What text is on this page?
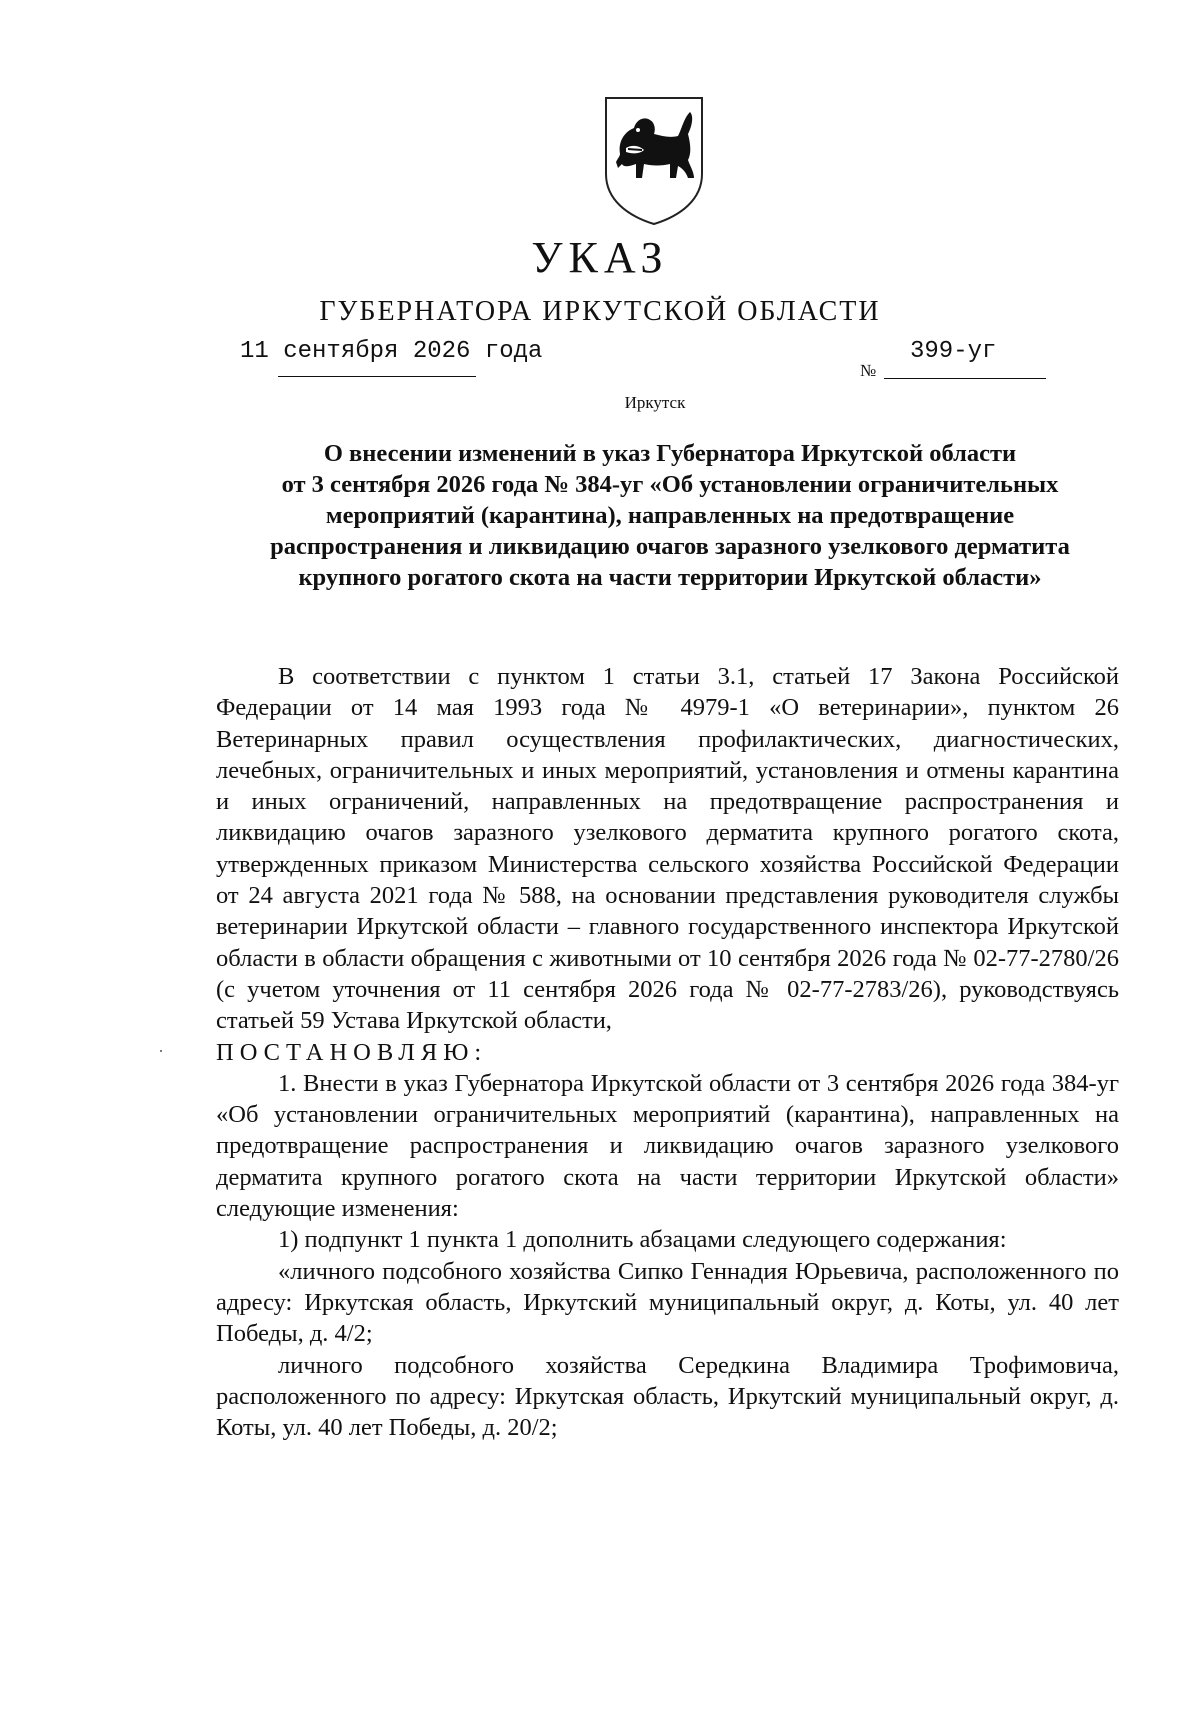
УКАЗ
ГУБЕРНАТОРА ИРКУТСКОЙ ОБЛАСТИ
11 сентября 2026 года
№
399-уг
Иркутск
О внесении изменений в указ Губернатора Иркутской области
от 3 сентября 2026 года № 384-уг «Об установлении ограничительных
мероприятий (карантина), направленных на предотвращение
распространения и ликвидацию очагов заразного узелкового дерматита
крупного рогатого скота на части территории Иркутской области»

В соответствии с пунктом 1 статьи 3.1, статьей 17 Закона Российской Федерации от 14 мая 1993 года № 4979-1 «О ветеринарии», пунктом 26 Ветеринарных правил осуществления профилактических, диагностических, лечебных, ограничительных и иных мероприятий, установления и отмены карантина и иных ограничений, направленных на предотвращение распространения и ликвидацию очагов заразного узелкового дерматита крупного рогатого скота, утвержденных приказом Министерства сельского хозяйства Российской Федерации от 24 августа 2021 года № 588, на основании представления руководителя службы ветеринарии Иркутской области – главного государственного инспектора Иркутской области в области обращения с животными от 10 сентября 2026 года № 02-77-2780/26 (с учетом уточнения от 11 сентября 2026 года № 02-77-2783/26), руководствуясь статьей 59 Устава Иркутской области,

ПОСТАНОВЛЯЮ:

1. Внести в указ Губернатора Иркутской области от 3 сентября 2026 года 384-уг «Об установлении ограничительных мероприятий (карантина), направленных на предотвращение распространения и ликвидацию очагов заразного узелкового дерматита крупного рогатого скота на части территории Иркутской области» следующие изменения:

1) подпункт 1 пункта 1 дополнить абзацами следующего содержания:

«личного подсобного хозяйства Сипко Геннадия Юрьевича, расположенного по адресу: Иркутская область, Иркутский муниципальный округ, д. Коты, ул. 40 лет Победы, д. 4/2;

личного подсобного хозяйства Середкина Владимира Трофимовича, расположенного по адресу: Иркутская область, Иркутский муниципальный округ, д. Коты, ул. 40 лет Победы, д. 20/2;
